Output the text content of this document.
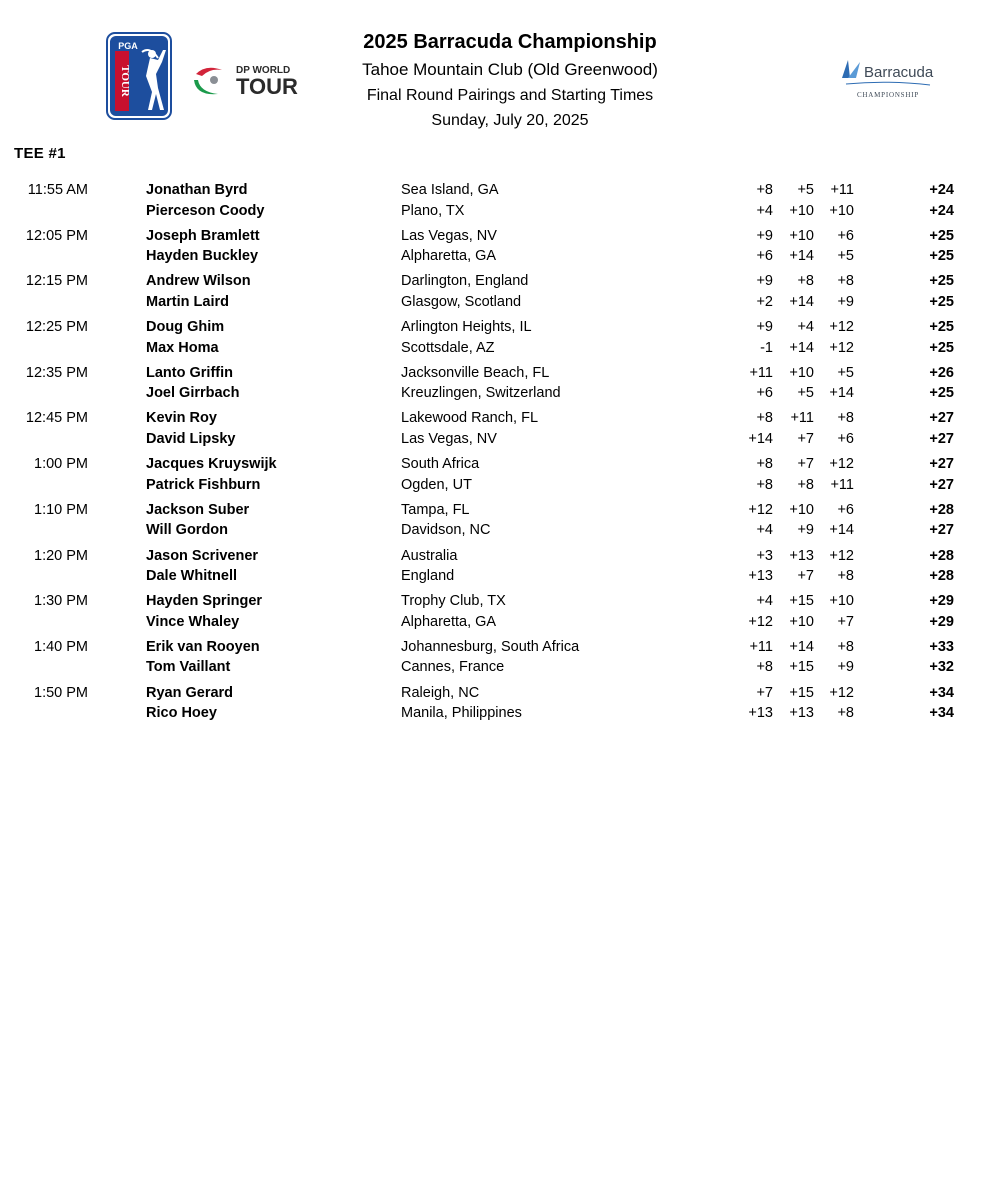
PGA
TOUR	DP WORLD
TOUR
2025 Barracuda Championship
Tahoe Mountain Club (Old Greenwood)
Final Round Pairings and Starting Times
Sunday, July 20, 2025
Barracuda
CHAMPIONSHIP
TEE #1
11:55 AM	Jonathan Byrd	Sea Island, GA	+8	+5	+11	+24
Pierceson Coody	Plano, TX	+4	+10	+10	+24
12:05 PM	Joseph Bramlett	Las Vegas, NV	+9	+10	+6	+25
Hayden Buckley	Alpharetta, GA	+6	+14	+5	+25
12:15 PM	Andrew Wilson	Darlington, England	+9	+8	+8	+25
Martin Laird	Glasgow, Scotland	+2	+14	+9	+25
12:25 PM	Doug Ghim	Arlington Heights, IL	+9	+4	+12	+25
Max Homa	Scottsdale, AZ	-1	+14	+12	+25
12:35 PM	Lanto Griffin	Jacksonville Beach, FL	+11	+10	+5	+26
Joel Girrbach	Kreuzlingen, Switzerland	+6	+5	+14	+25
12:45 PM	Kevin Roy	Lakewood Ranch, FL	+8	+11	+8	+27
David Lipsky	Las Vegas, NV	+14	+7	+6	+27
1:00 PM	Jacques Kruyswijk	South Africa	+8	+7	+12	+27
Patrick Fishburn	Ogden, UT	+8	+8	+11	+27
1:10 PM	Jackson Suber	Tampa, FL	+12	+10	+6	+28
Will Gordon	Davidson, NC	+4	+9	+14	+27
1:20 PM	Jason Scrivener	Australia	+3	+13	+12	+28
Dale Whitnell	England	+13	+7	+8	+28
1:30 PM	Hayden Springer	Trophy Club, TX	+4	+15	+10	+29
Vince Whaley	Alpharetta, GA	+12	+10	+7	+29
1:40 PM	Erik van Rooyen	Johannesburg, South Africa	+11	+14	+8	+33
Tom Vaillant	Cannes, France	+8	+15	+9	+32
1:50 PM	Ryan Gerard	Raleigh, NC	+7	+15	+12	+34
Rico Hoey	Manila, Philippines	+13	+13	+8	+34
